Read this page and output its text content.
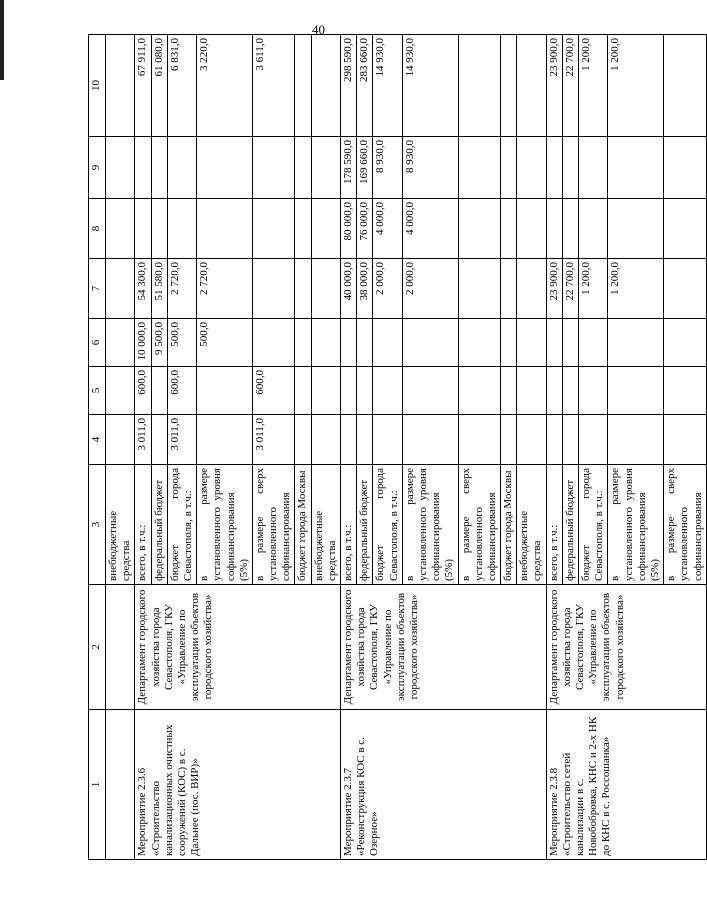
40
1	2	3	4	5	6	7	8	9	10
		внебюджетные средства							
Мероприятие 2.3.6 «Строительство канализационных очистных сооружений (КОС) в с. Дальнее (пос. ВИР)»	Департамент городского хозяйства города Севастополя, ГКУ «Управление по эксплуатации объектов городского хозяйства»	всего, в т.ч.:	3 011,0	600,0	10 000,0	54 300,0			67 911,0
		федеральный бюджет			9 500,0	51 580,0			61 080,0
		бюджет города Севастополя, в т.ч.:	3 011,0	600,0	500,0	2 720,0			6 831,0
		в размере установленного уровня софинансирования (5%)			500,0	2 720,0			3 220,0
		в размере сверх установленного софинансирования	3 011,0	600,0					3 611,0
		бюджет города Москвы							
		внебюджетные средства							
Мероприятие 2.3.7 «Реконструкция КОС в с. Озерное»	Департамент городского хозяйства города Севастополя, ГКУ «Управление по эксплуатации объектов городского хозяйства»	всего, в т.ч.:				40 000,0	80 000,0	178 590,0	298 590,0
		федеральный бюджет				38 000,0	76 000,0	169 660,0	283 660,0
		бюджет города Севастополя, в т.ч.:				2 000,0	4 000,0	8 930,0	14 930,0
		в размере установленного уровня софинансирования (5%)				2 000,0	4 000,0	8 930,0	14 930,0
		в размере сверх установленного софинансирования							
		бюджет города Москвы							
		внебюджетные средства							
Мероприятие 2.3.8 «Строительство сетей канализации в с. Новобобровка, КНС и 2-х НК до КНС в с. Россошанка»	Департамент городского хозяйства города Севастополя, ГКУ «Управление по эксплуатации объектов городского хозяйства»	всего, в т.ч.:				23 900,0			23 900,0
		федеральный бюджет				22 700,0			22 700,0
		бюджет города Севастополя, в т.ч.:				1 200,0			1 200,0
		в размере установленного уровня софинансирования (5%)				1 200,0			1 200,0
		в размере сверх установленного софинансирования							
